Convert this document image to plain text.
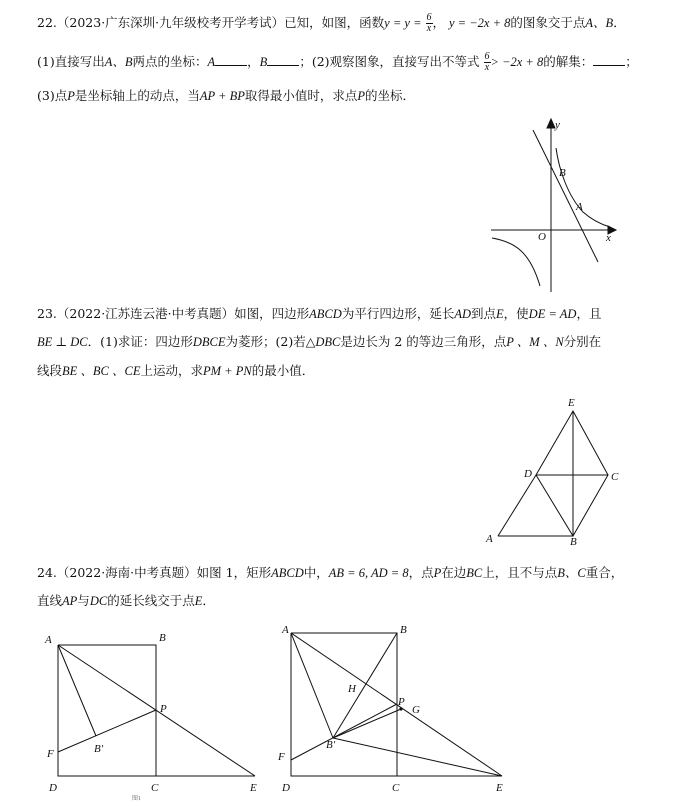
22.（2023·广东深圳·九年级校考开学考试）已知，如图，函数$y = y = \frac{6}{x}$ ， y = −2x + 8的图象交于点A、B．
(1)直接写出A、B两点的坐标：A	，B	；(2)观察图象，直接写出不等式 $\frac{6}{x} > -2x + 8$的解集：	；
(3)点P是坐标轴上的动点，当AP + BP取得最小值时，求点P的坐标．
y
x
O
B
A
23.（2022·江苏连云港·中考真题）如图，四边形ABCD为平行四边形，延长AD到点E，使DE = AD，且
BE ⊥ DC．(1)求证：四边形DBCE为菱形；(2)若△DBC是边长为 2 的等边三角形，点P 、M 、N分别在
线段BE 、BC 、CE上运动，求PM + PN的最小值．
E
D	C
A	B
24.（2022·海南·中考真题）如图 1，矩形ABCD中，AB = 6, AD = 8，点P在边BC上，且不与点B、C重合，
直线AP与DC的延长线交于点E．
A	B
P
F	B′
D	C	E
图1
A	B
H
P
G
F
B′
D	C	E
